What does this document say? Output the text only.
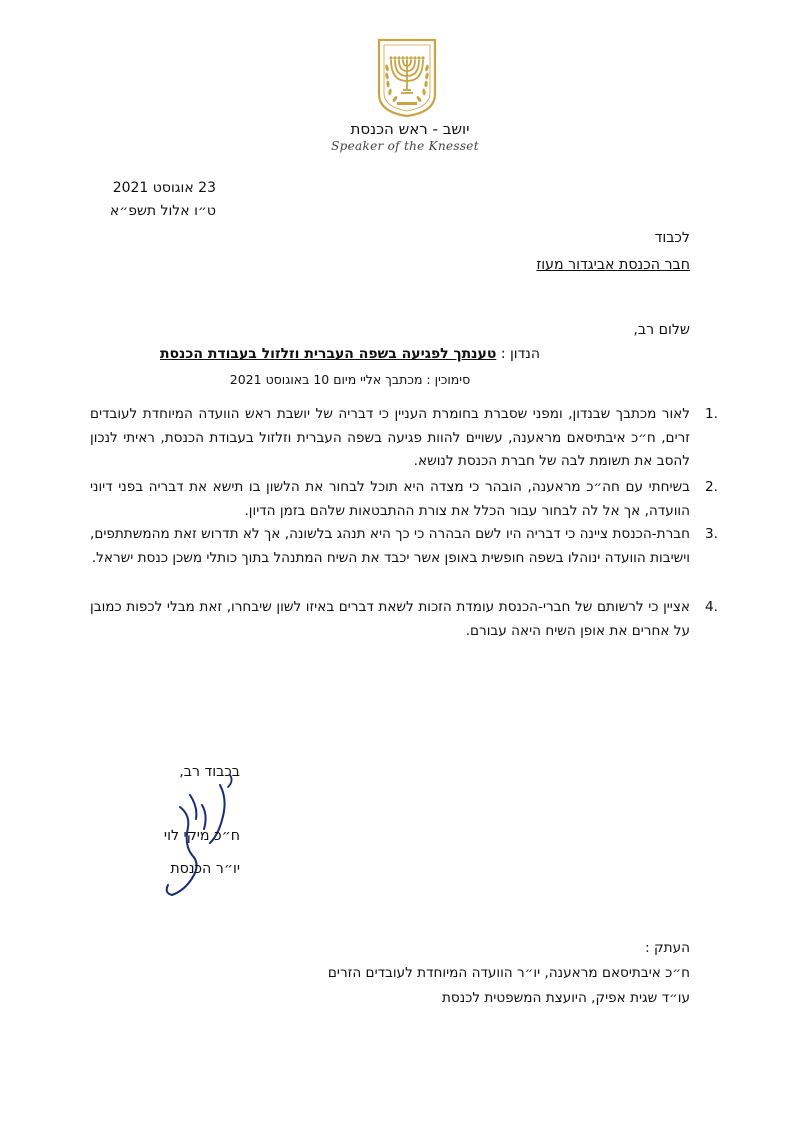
יושב - ראש הכנסת
Speaker of the Knesset
23 אוגוסט 2021
ט״ו אלול תשפ״א
לכבוד
חבר הכנסת אביגדור מעוז
שלום רב,
הנדון : טענתך לפגיעה בשפה העברית וזלזול בעבודת הכנסת
סימוכין : מכתבך אליי מיום 10 באוגוסט 2021
1.
לאור מכתבך שבנדון, ומפני שסברת בחומרת העניין כי דבריה של יושבת ראש הוועדה המיוחדת לעובדים זרים, ח״כ איבתיסאם מראענה, עשויים להוות פגיעה בשפה העברית וזלזול בעבודת הכנסת, ראיתי לנכון להסב את תשומת לבה של חברת הכנסת לנושא.
2.
בשיחתי עם חה״כ מראענה, הובהר כי מצדה היא תוכל לבחור את הלשון בו תישא את דבריה בפני דיוני הוועדה, אך אל לה לבחור עבור הכלל את צורת ההתבטאות שלהם בזמן הדיון.
3.
חברת-הכנסת ציינה כי דבריה היו לשם הבהרה כי כך היא תנהג בלשונה, אך לא תדרוש זאת מהמשתתפים, וישיבות הוועדה ינוהלו בשפה חופשית באופן אשר יכבד את השיח המתנהל בתוך כותלי משכן כנסת ישראל.
4.
אציין כי לרשותם של חברי-הכנסת עומדת הזכות לשאת דברים באיזו לשון שיבחרו, זאת מבלי לכפות כמובן על אחרים את אופן השיח היאה עבורם.
בכבוד רב,
ח״כ מיקי לוי
יו״ר הכנסת
העתק :
ח״כ איבתיסאם מראענה, יו״ר הוועדה המיוחדת לעובדים הזרים
עו״ד שגית אפיק, היועצת המשפטית לכנסת
